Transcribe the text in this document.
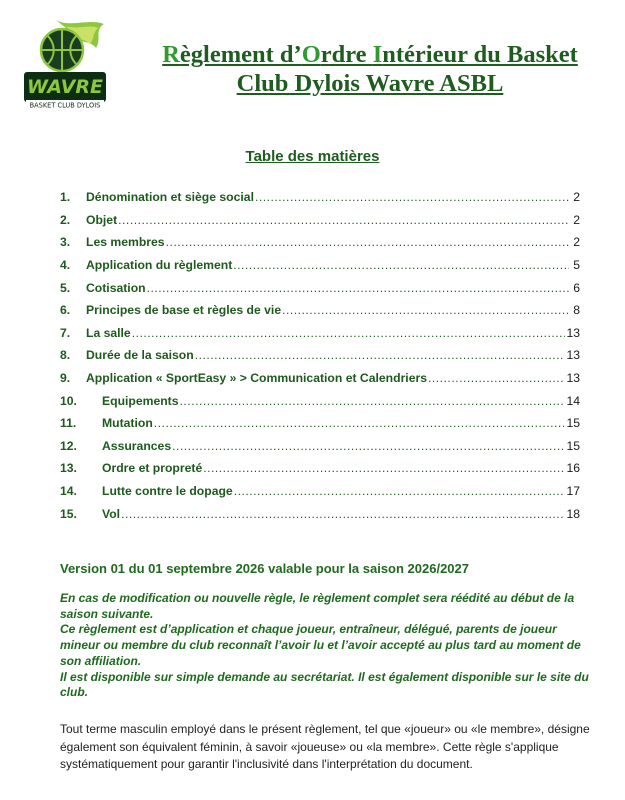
WAVRE
BASKET CLUB DYLOIS
Règlement d’Ordre Intérieur du Basket
Club Dylois Wavre ASBL
Table des matières
1.	Dénomination et siège social .....	2
2.	Objet .....	2
3.	Les membres .....	2
4.	Application du règlement .....	5
5.	Cotisation .....	6
6.	Principes de base et règles de vie .....	8
7.	La salle .....	13
8.	Durée de la saison .....	13
9.	Application « SportEasy » > Communication et Calendriers .....	13
10.	Equipements .....	14
11.	Mutation .....	15
12.	Assurances .....	15
13.	Ordre et propreté .....	16
14.	Lutte contre le dopage .....	17
15.	Vol .....	18
Version 01 du 01 septembre 2026 valable pour la saison 2026/2027

En cas de modification ou nouvelle règle, le règlement complet sera réédité au début de la saison suivante.

Ce règlement est d’application et chaque joueur, entraîneur, délégué, parents de joueur mineur ou membre du club reconnaît l’avoir lu et l’avoir accepté au plus tard au moment de son affiliation.

Il est disponible sur simple demande au secrétariat. Il est également disponible sur le site du club.

Tout terme masculin employé dans le présent règlement, tel que «joueur» ou «le membre», désigne également son équivalent féminin, à savoir «joueuse» ou «la membre». Cette règle s'applique systématiquement pour garantir l'inclusivité dans l'interprétation du document.
